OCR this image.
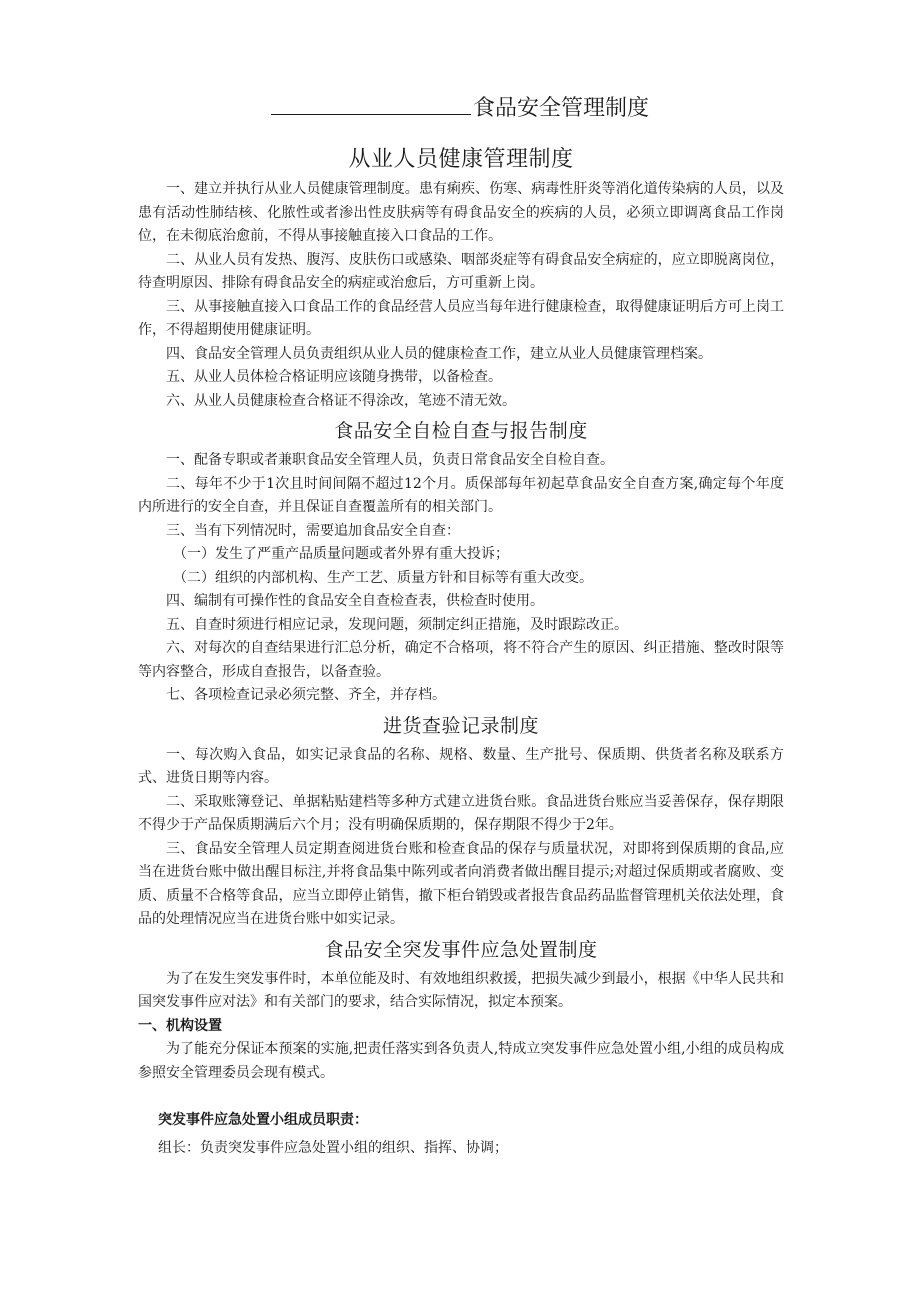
食品安全管理制度
从业人员健康管理制度

一、建立并执行从业人员健康管理制度。患有痢疾、伤寒、病毒性肝炎等消化道传染病的人员，以及患有活动性肺结核、化脓性或者渗出性皮肤病等有碍食品安全的疾病的人员，必须立即调离食品工作岗位，在未彻底治愈前，不得从事接触直接入口食品的工作。

二、从业人员有发热、腹泻、皮肤伤口或感染、咽部炎症等有碍食品安全病症的，应立即脱离岗位，待查明原因、排除有碍食品安全的病症或治愈后，方可重新上岗。

三、从事接触直接入口食品工作的食品经营人员应当每年进行健康检查，取得健康证明后方可上岗工作，不得超期使用健康证明。

四、食品安全管理人员负责组织从业人员的健康检查工作，建立从业人员健康管理档案。

五、从业人员体检合格证明应该随身携带，以备检查。

六、从业人员健康检查合格证不得涂改，笔迹不清无效。

食品安全自检自查与报告制度

一、配备专职或者兼职食品安全管理人员，负责日常食品安全自检自查。

二、每年不少于1次且时间间隔不超过12个月。质保部每年初起草食品安全自查方案,确定每个年度内所进行的安全自查，并且保证自查覆盖所有的相关部门。

三、当有下列情况时，需要追加食品安全自查：

（一）发生了严重产品质量问题或者外界有重大投诉；

（二）组织的内部机构、生产工艺、质量方针和目标等有重大改变。

四、编制有可操作性的食品安全自查检查表，供检查时使用。

五、自查时须进行相应记录，发现问题，须制定纠正措施，及时跟踪改正。

六、对每次的自查结果进行汇总分析，确定不合格项，将不符合产生的原因、纠正措施、整改时限等等内容整合，形成自查报告，以备查验。

七、各项检查记录必须完整、齐全，并存档。

进货查验记录制度

一、每次购入食品，如实记录食品的名称、规格、数量、生产批号、保质期、供货者名称及联系方式、进货日期等内容。

二、采取账簿登记、单据粘贴建档等多种方式建立进货台账。食品进货台账应当妥善保存，保存期限不得少于产品保质期满后六个月；没有明确保质期的，保存期限不得少于2年。

三、食品安全管理人员定期查阅进货台账和检查食品的保存与质量状况，对即将到保质期的食品,应当在进货台账中做出醒目标注,并将食品集中陈列或者向消费者做出醒目提示;对超过保质期或者腐败、变质、质量不合格等食品，应当立即停止销售，撤下柜台销毁或者报告食品药品监督管理机关依法处理，食品的处理情况应当在进货台账中如实记录。

食品安全突发事件应急处置制度

为了在发生突发事件时，本单位能及时、有效地组织救援，把损失减少到最小，根据《中华人民共和国突发事件应对法》和有关部门的要求，结合实际情况，拟定本预案。

一、机构设置

为了能充分保证本预案的实施,把责任落实到各负责人,特成立突发事件应急处置小组,小组的成员构成参照安全管理委员会现有模式。

突发事件应急处置小组成员职责：

组长：负责突发事件应急处置小组的组织、指挥、协调；
